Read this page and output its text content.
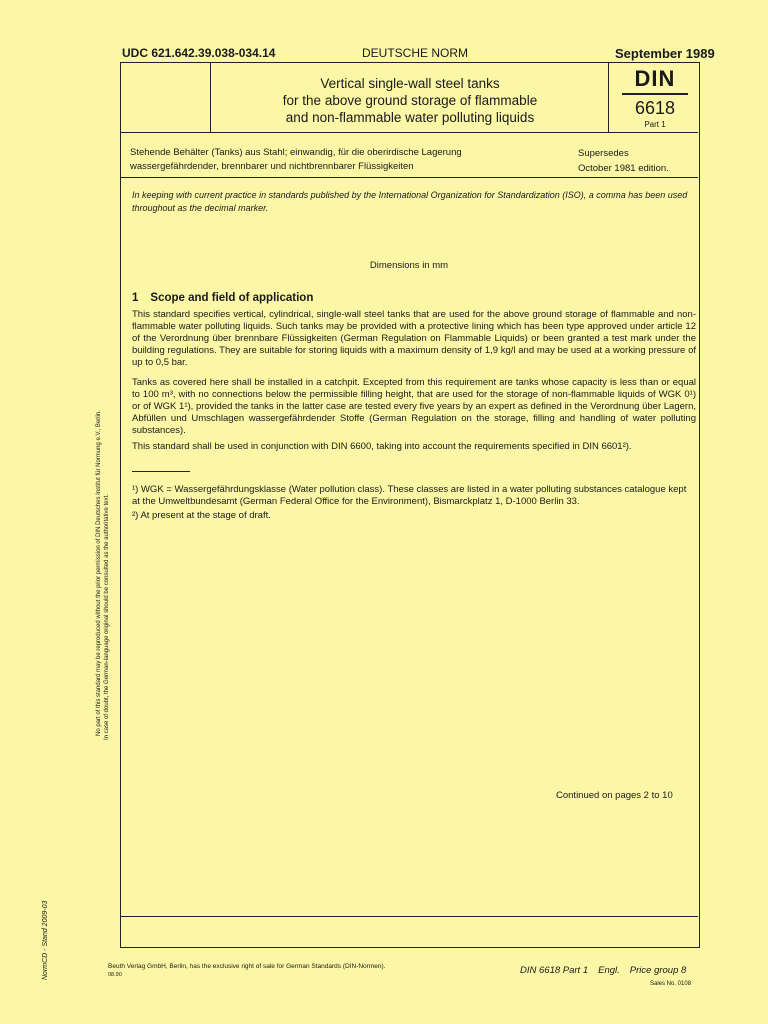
UDC 621.642.39.038-034.14	DEUTSCHE NORM	September 1989
Vertical single-wall steel tanks
for the above ground storage of flammable
and non-flammable water polluting liquids
DIN
6618
Part 1
Stehende Behälter (Tanks) aus Stahl; einwandig, für die oberirdische Lagerung wassergefährdender, brennbarer und nichtbrennbarer Flüssigkeiten
Supersedes
October 1981 edition.
In keeping with current practice in standards published by the International Organization for Standardization (ISO), a comma has been used throughout as the decimal marker.
Dimensions in mm
1 Scope and field of application
This standard specifies vertical, cylindrical, single-wall steel tanks that are used for the above ground storage of flammable and non-flammable water polluting liquids. Such tanks may be provided with a protective lining which has been type approved under article 12 of the Verordnung über brennbare Flüssigkeiten (German Regulation on Flammable Liquids) or been granted a test mark under the building regulations. They are suitable for storing liquids with a maximum density of 1,9 kg/l and may be used at a working pressure of up to 0,5 bar.
Tanks as covered here shall be installed in a catchpit. Excepted from this requirement are tanks whose capacity is less than or equal to 100 m³, with no connections below the permissible filling height, that are used for the storage of non-flammable liquids of WGK 0¹) or of WGK 1¹), provided the tanks in the latter case are tested every five years by an expert as defined in the Verordnung über Lagern, Abfüllen und Umschlagen wassergefährdender Stoffe (German Regulation on the storage, filling and handling of water polluting substances).
This standard shall be used in conjunction with DIN 6600, taking into account the requirements specified in DIN 6601²).
¹) WGK = Wassergefährdungsklasse (Water pollution class). These classes are listed in a water polluting substances catalogue kept at the Umweltbundesamt (German Federal Office for the Environment), Bismarckplatz 1, D-1000 Berlin 33.
²) At present at the stage of draft.
Continued on pages 2 to 10
Beuth Verlag GmbH, Berlin, has the exclusive right of sale for German Standards (DIN-Normen).
08.90	DIN 6618 Part 1 Engl. Price group 8
Sales No. 0108
No part of this standard may be reproduced without the prior permission of DIN Deutsches Institut für Normung e.V., Berlin. In case of doubt, the German-language original should be consulted as the authoritative text.
NormCD - Stand 2009-03
